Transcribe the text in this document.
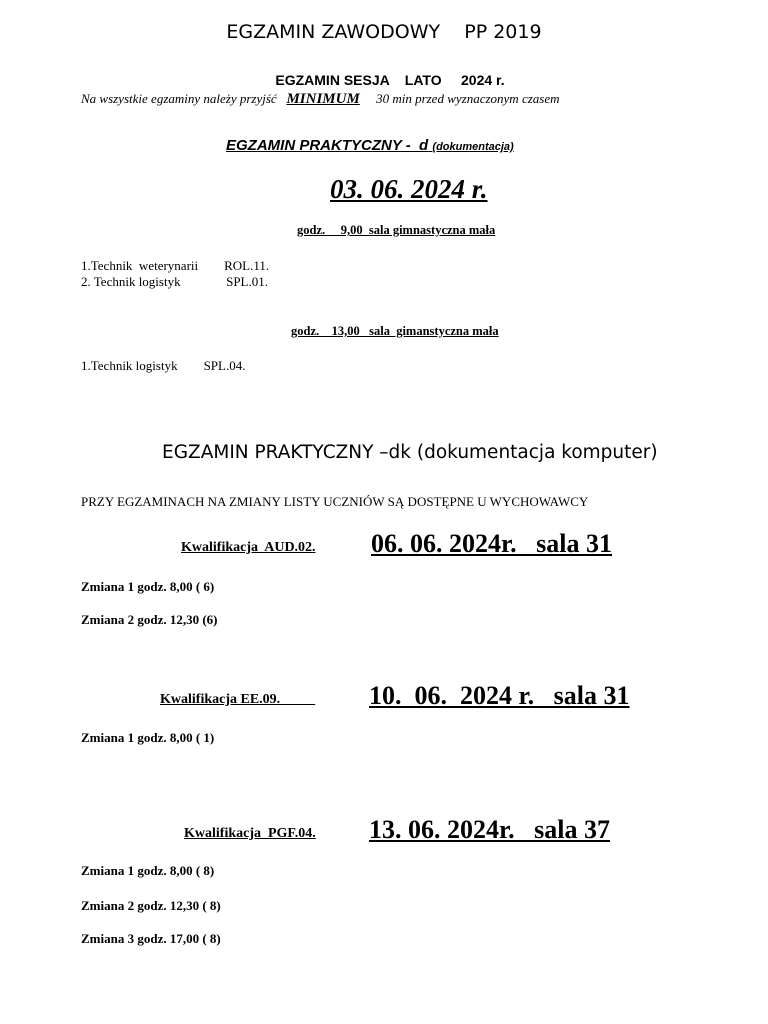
EGZAMIN ZAWODOWY    PP 2019
EGZAMIN SESJA    LATO     2024 r.
Na wszystkie egzaminy należy przyjść MINIMUM 30 min przed wyznaczonym czasem
EGZAMIN PRAKTYCZNY -  d (dokumentacja)
03. 06. 2024 r.
godz.     9,00  sala gimnastyczna mała
1.Technik  weterynarii        ROL.11.
2. Technik logistyk              SPL.01.
godz.    13,00   sala  gimanstyczna mała
1.Technik logistyk        SPL.04.
EGZAMIN PRAKTYCZNY –dk (dokumentacja komputer)
PRZY EGZAMINACH NA ZMIANY LISTY UCZNIÓW SĄ DOSTĘPNE U WYCHOWAWCY
Kwalifikacja  AUD.02. 06. 06. 2024r.   sala 31
Zmiana 1 godz. 8,00 ( 6)
Zmiana 2 godz. 12,30 (6)
Kwalifikacja EE.09. 10.  06.  2024 r.   sala 31
Zmiana 1 godz. 8,00 ( 1)
Kwalifikacja  PGF.04. 13. 06. 2024r.   sala 37
Zmiana 1 godz. 8,00 ( 8)
Zmiana 2 godz. 12,30 ( 8)
Zmiana 3 godz. 17,00 ( 8)
